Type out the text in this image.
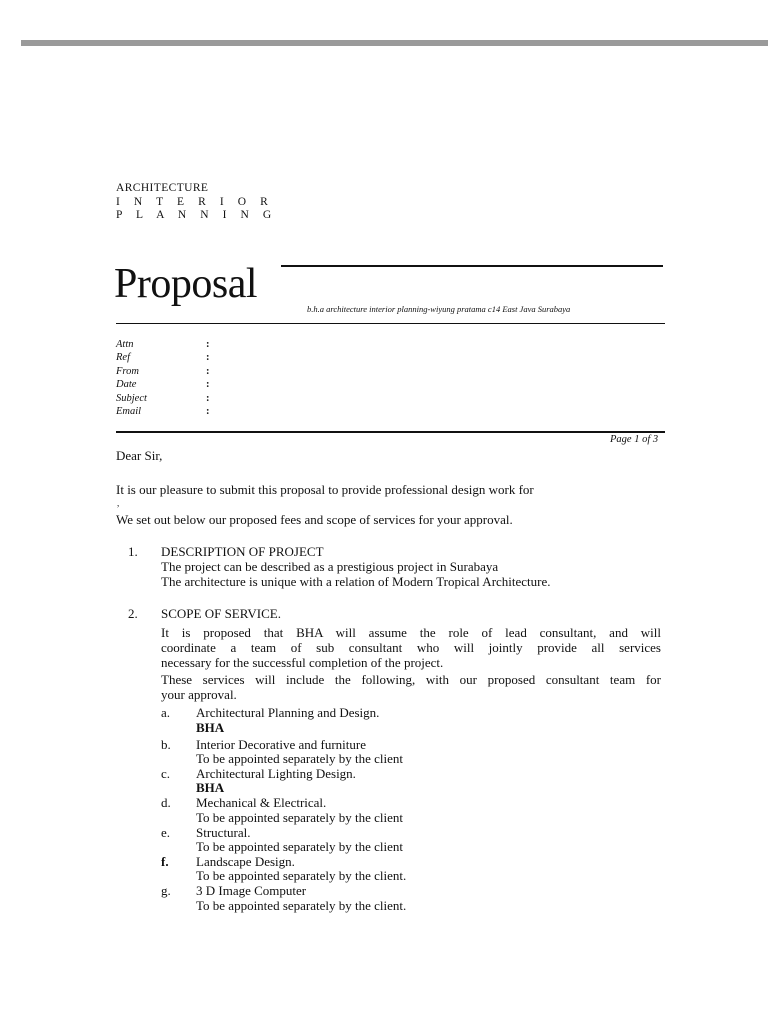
ARCHITECTURE
I N T E R I O R
P L A N N I N G
Proposal
b.h.a architecture interior planning-wiyung pratama c14 East Java Surabaya
Attn	:
Ref	:
From	:
Date	:
Subject	:
Email	:
Page 1 of 3
Dear Sir,
It is our pleasure to submit this proposal to provide professional design work for
,
We set out below our proposed fees and scope of services for your approval.
1. DESCRIPTION OF PROJECT
The project can be described as a prestigious project in Surabaya
The architecture is unique with a relation of Modern Tropical Architecture.
2. SCOPE OF SERVICE.
It is proposed that BHA will assume the role of lead consultant, and will
coordinate a team of sub consultant who will jointly provide all services
necessary for the successful completion of the project.
These services will include the following, with our proposed consultant team for
your approval.
a. Architectural Planning and Design.
BHA
b. Interior Decorative and furniture
To be appointed separately by the client
c. Architectural Lighting Design.
BHA
d. Mechanical & Electrical.
To be appointed separately by the client
e. Structural.
To be appointed separately by the client
f. Landscape Design.
To be appointed separately by the client.
g. 3 D Image Computer
To be appointed separately by the client.
